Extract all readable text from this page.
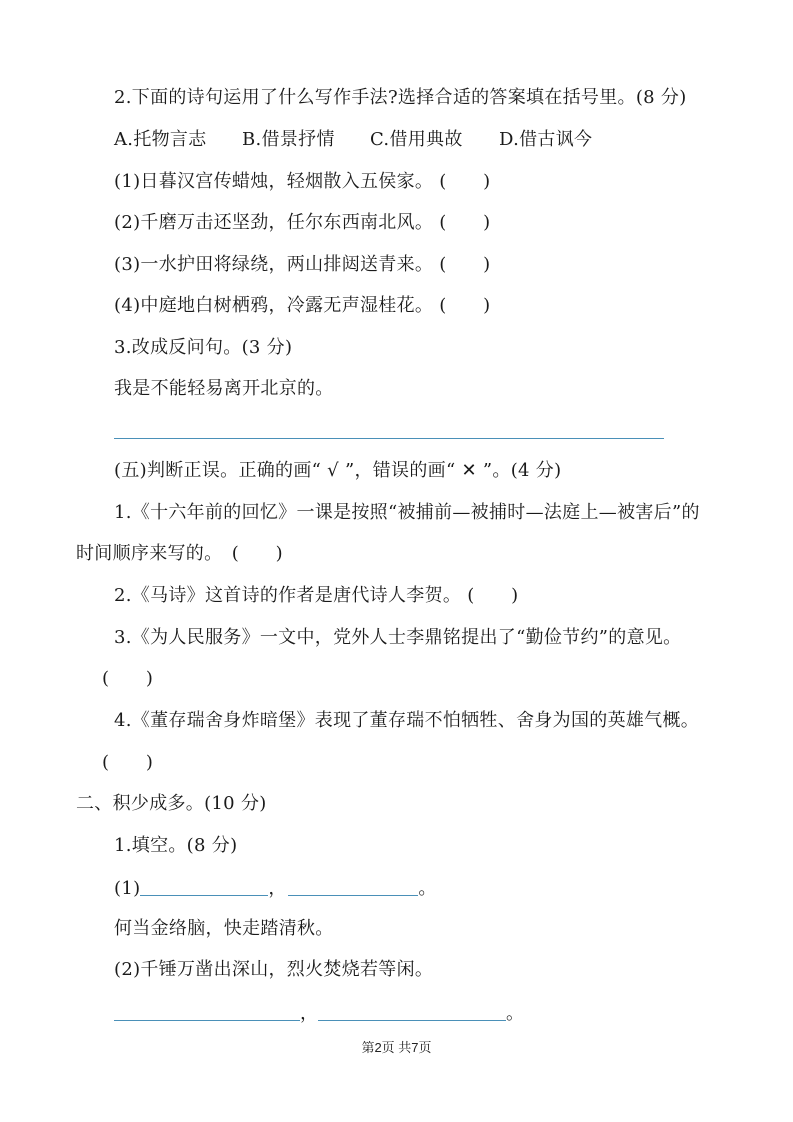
2.下面的诗句运用了什么写作手法?选择合适的答案填在括号里。(8 分)

A.托物言志 B.借景抒情 C.借用典故 D.借古讽今

(1)日暮汉宫传蜡烛，轻烟散入五侯家。 (　　)

(2)千磨万击还坚劲，任尔东西南北风。 (　　)

(3)一水护田将绿绕，两山排闼送青来。 (　　)

(4)中庭地白树栖鸦，冷露无声湿桂花。 (　　)

3.改成反问句。(3 分)

我是不能轻易离开北京的。

(五)判断正误。正确的画“ √ ”，错误的画“ ✕ ”。(4 分)

1.《十六年前的回忆》一课是按照“被捕前—被捕时—法庭上—被害后”的

时间顺序来写的。　(　　)

2.《马诗》这首诗的作者是唐代诗人李贺。 (　　)

3.《为人民服务》一文中，党外人士李鼎铭提出了“勤俭节约”的意见。

(　　)

4.《董存瑞舍身炸暗堡》表现了董存瑞不怕牺牲、舍身为国的英雄气概。

(　　)

二、积少成多。(10 分)

1.填空。(8 分)

(1)	，	。

何当金络脑，快走踏清秋。

(2)千锤万凿出深山，烈火焚烧若等闲。

，	。

第2页 共7页
